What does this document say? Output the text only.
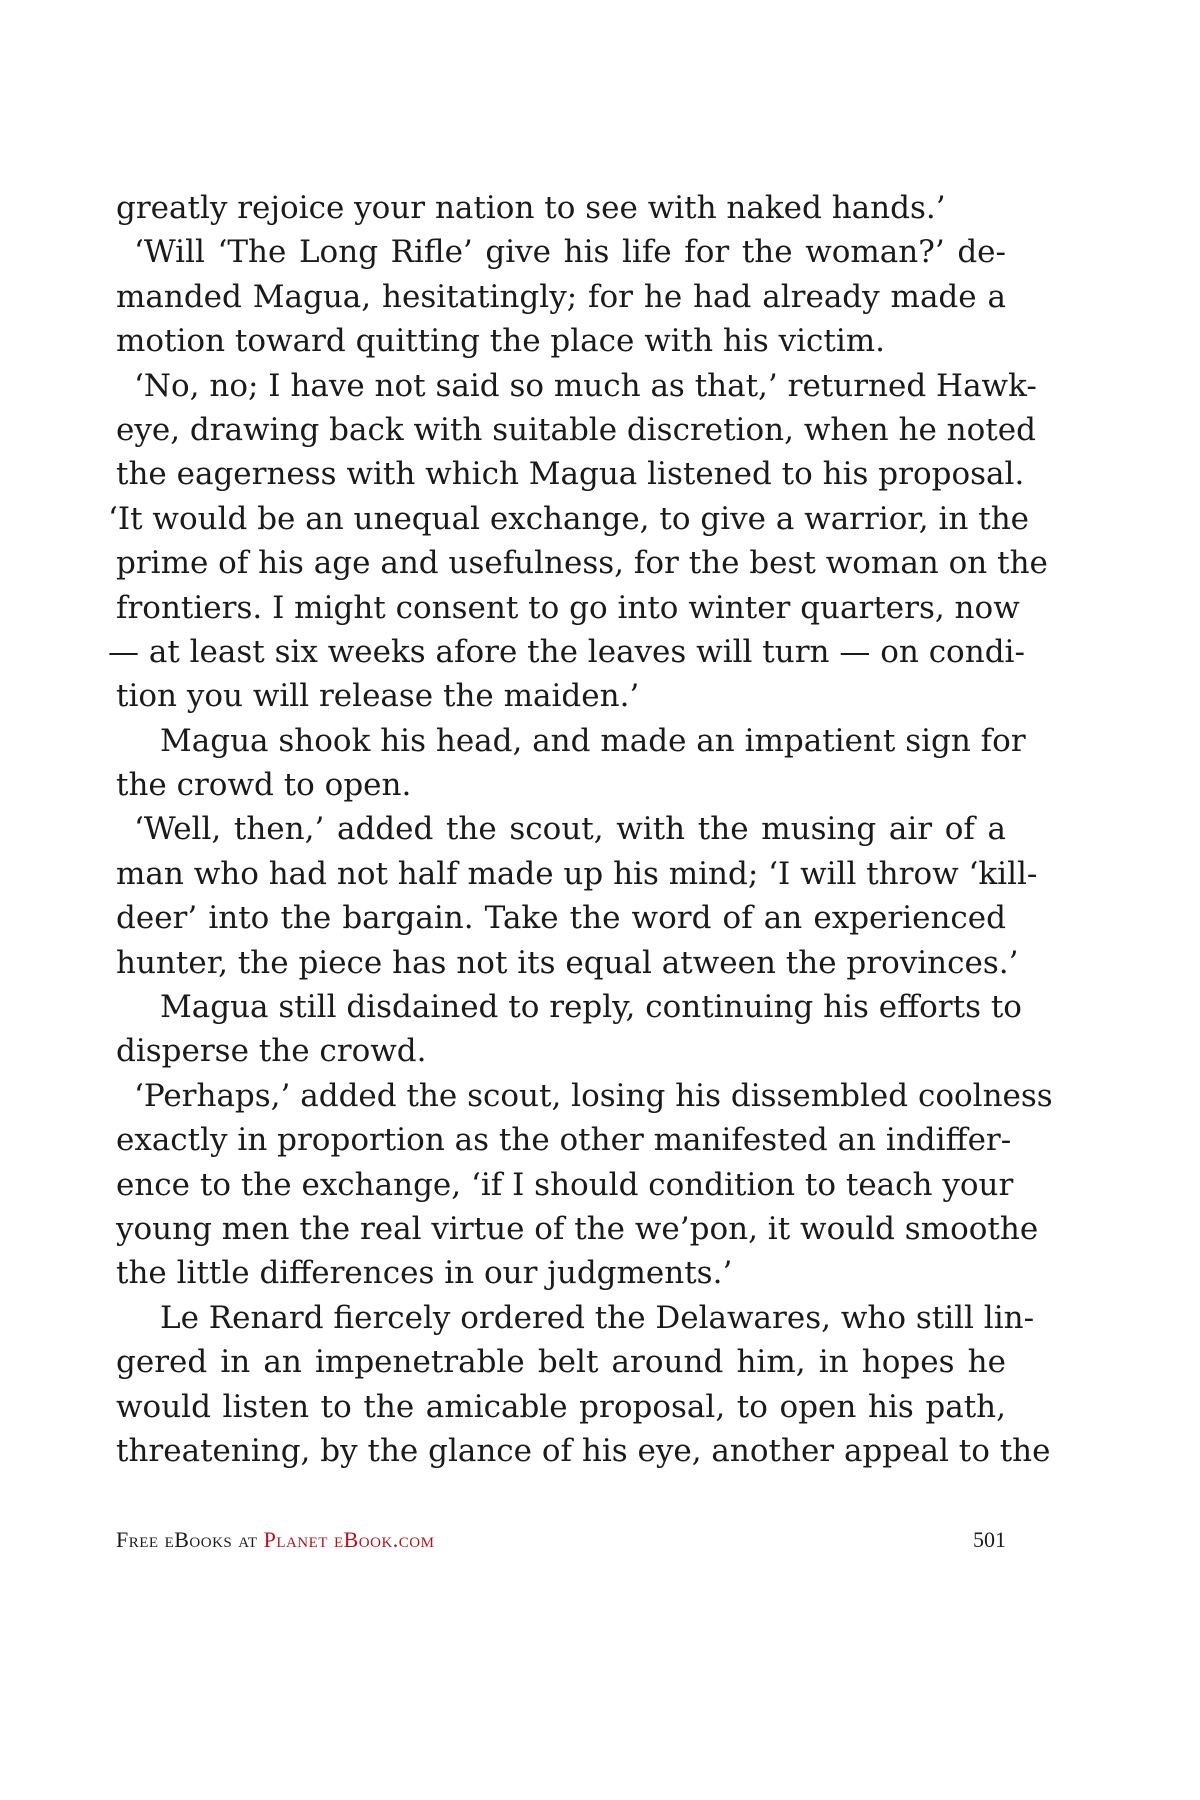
greatly rejoice your nation to see with naked hands.’
‘Will ‘The Long Rifle’ give his life for the woman?’ de-
manded Magua, hesitatingly; for he had already made a
motion toward quitting the place with his victim.
‘No, no; I have not said so much as that,’ returned Hawk-
eye, drawing back with suitable discretion, when he noted
the eagerness with which Magua listened to his proposal.
‘It would be an unequal exchange, to give a warrior, in the
prime of his age and usefulness, for the best woman on the
frontiers. I might consent to go into winter quarters, now
— at least six weeks afore the leaves will turn — on condi-
tion you will release the maiden.’
Magua shook his head, and made an impatient sign for
the crowd to open.
‘Well, then,’ added the scout, with the musing air of a
man who had not half made up his mind; ‘I will throw ‘kill-
deer’ into the bargain. Take the word of an experienced
hunter, the piece has not its equal atween the provinces.’
Magua still disdained to reply, continuing his efforts to
disperse the crowd.
‘Perhaps,’ added the scout, losing his dissembled coolness
exactly in proportion as the other manifested an indiffer-
ence to the exchange, ‘if I should condition to teach your
young men the real virtue of the we’pon, it would smoothe
the little differences in our judgments.’
Le Renard fiercely ordered the Delawares, who still lin-
gered in an impenetrable belt around him, in hopes he
would listen to the amicable proposal, to open his path,
threatening, by the glance of his eye, another appeal to the
Free eBooks at Planet eBook.com	501
